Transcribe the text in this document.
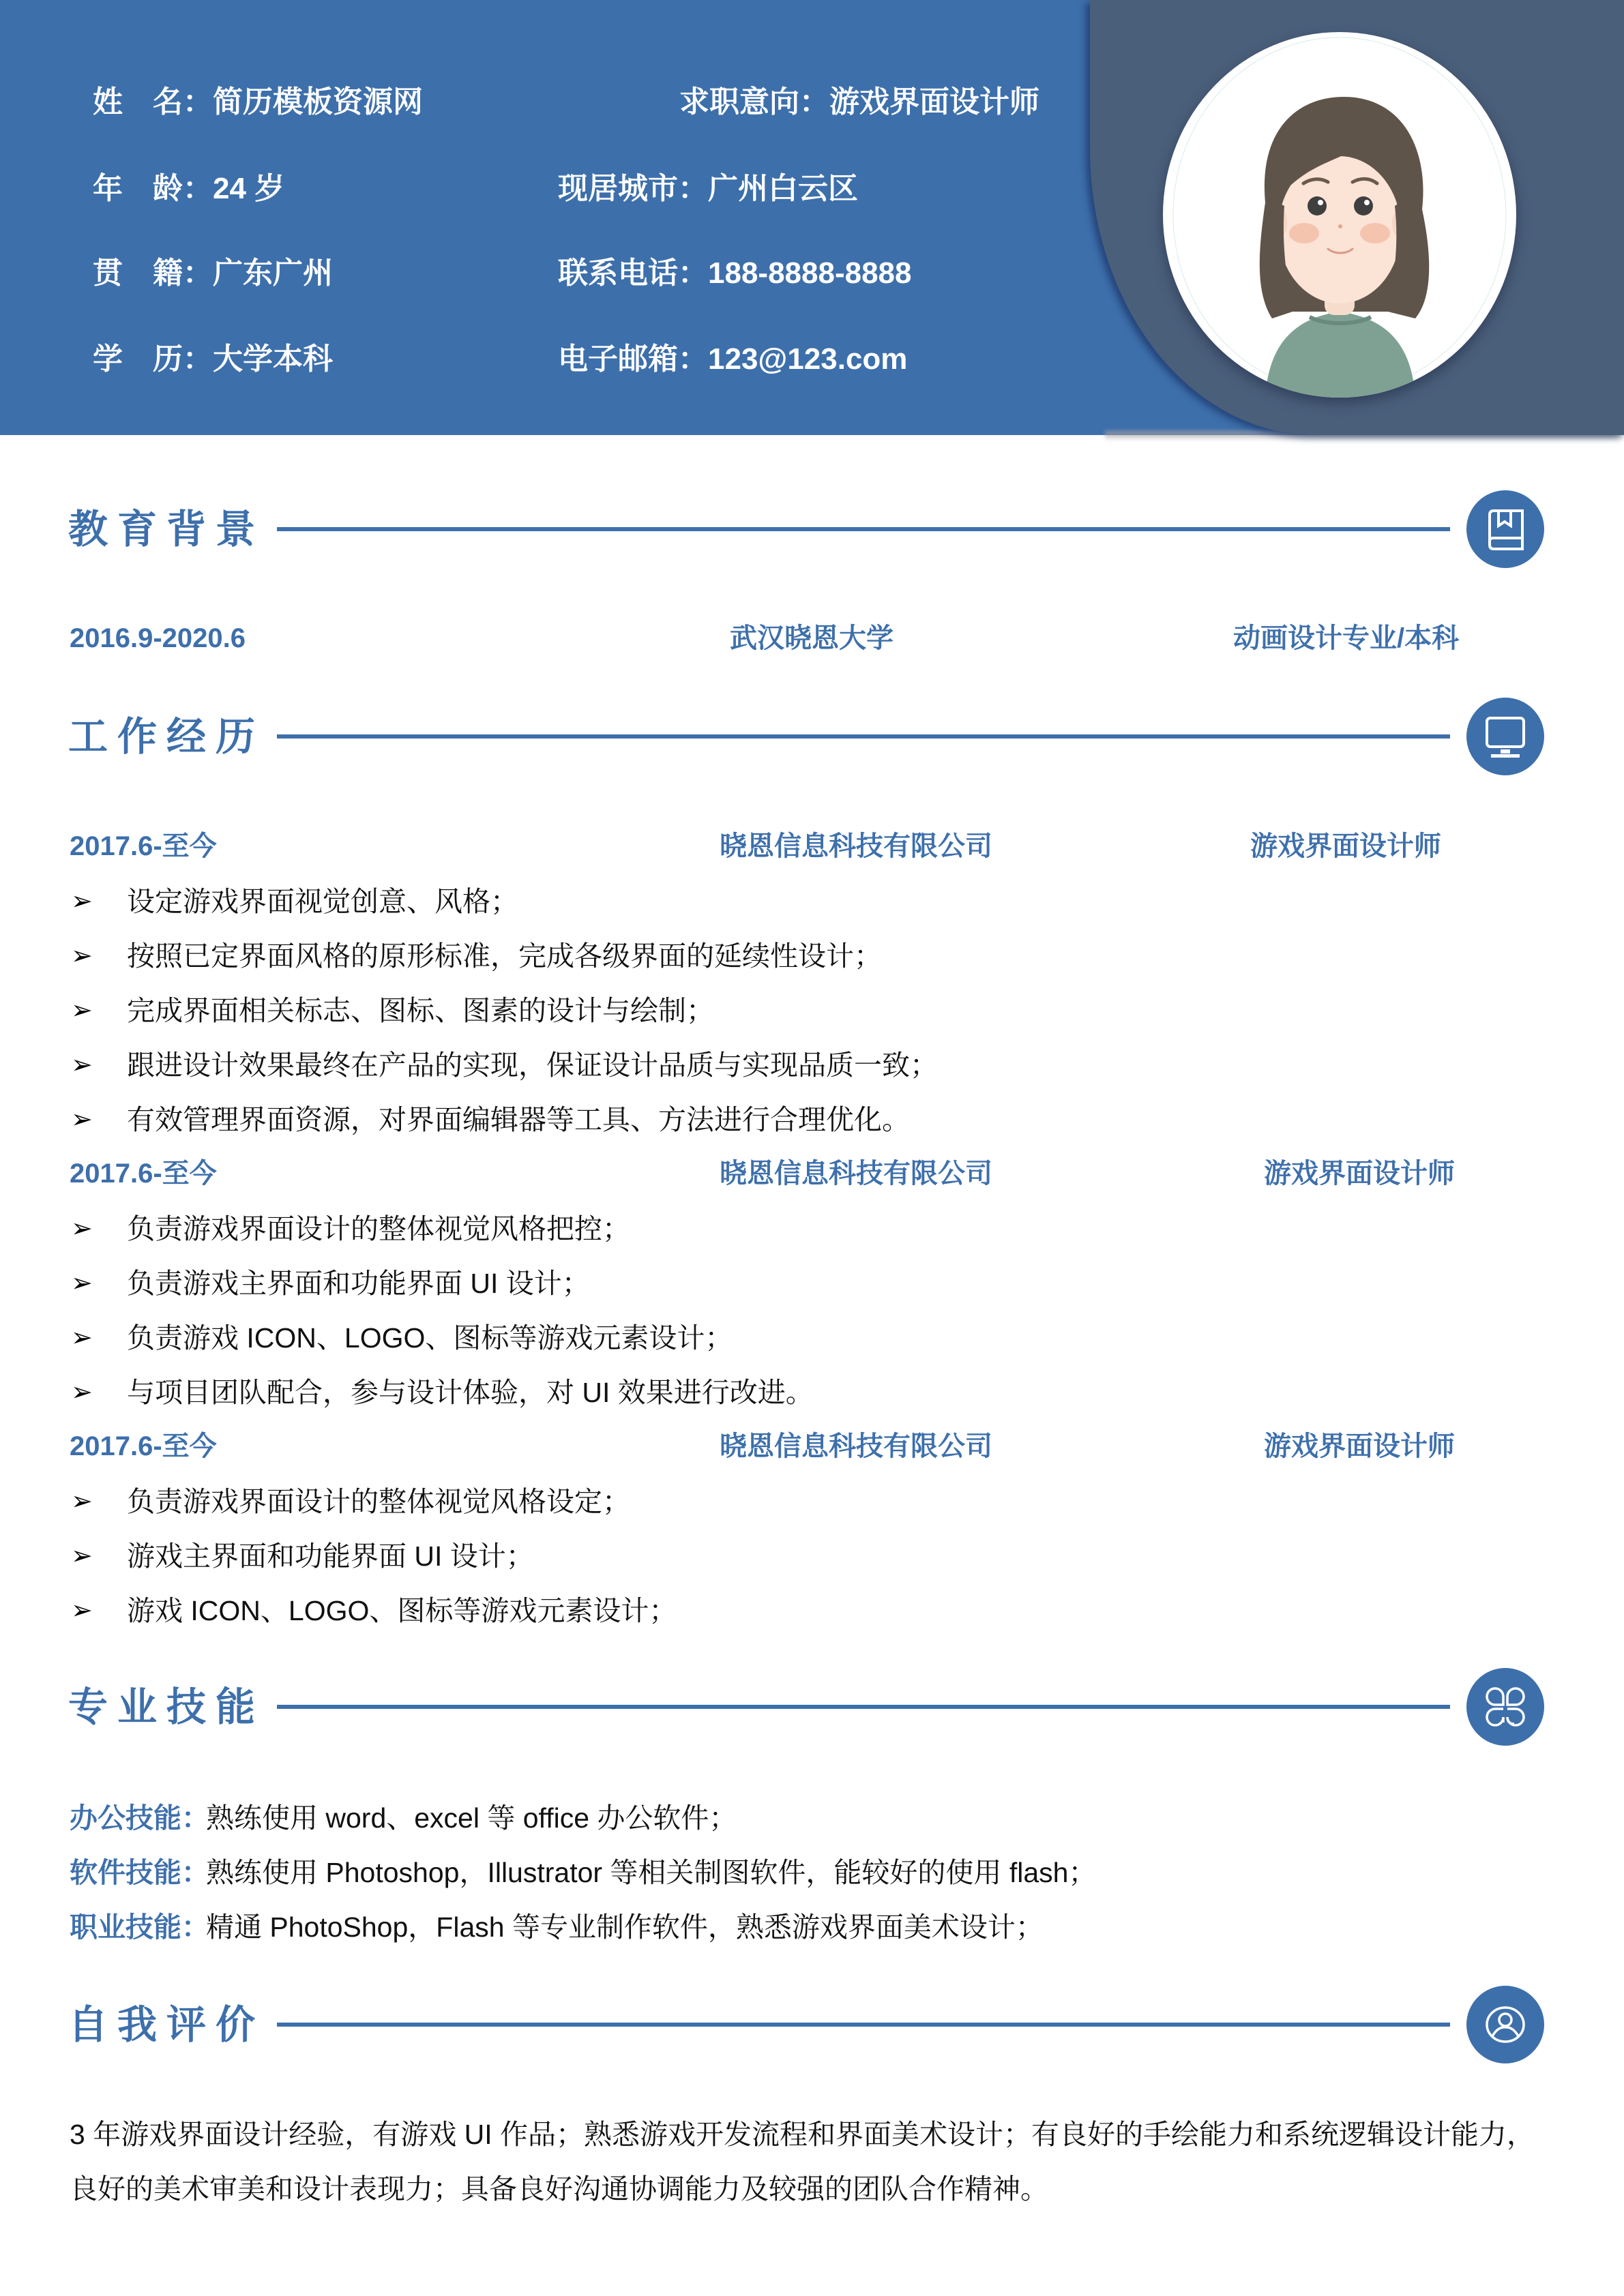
姓　名： 简历模板资源网
年　龄： 24 岁
贯　籍： 广东广州
学　历： 大学本科
求职意向： 游戏界面设计师
现居城市： 广州白云区
联系电话： 188-8888-8888
电子邮箱： 123@123.com
教育背景
2016.9-2020.6	武汉晓恩大学	动画设计专业/本科
工作经历
2017.6-至今	晓恩信息科技有限公司	游戏界面设计师
➢ 设定游戏界面视觉创意、风格；
➢ 按照已定界面风格的原形标准，完成各级界面的延续性设计；
➢ 完成界面相关标志、图标、图素的设计与绘制；
➢ 跟进设计效果最终在产品的实现，保证设计品质与实现品质一致；
➢ 有效管理界面资源，对界面编辑器等工具、方法进行合理优化。
2017.6-至今	晓恩信息科技有限公司	游戏界面设计师
➢ 负责游戏界面设计的整体视觉风格把控；
➢ 负责游戏主界面和功能界面 UI 设计；
➢ 负责游戏 ICON、LOGO、图标等游戏元素设计；
➢ 与项目团队配合，参与设计体验，对 UI 效果进行改进。
2017.6-至今	晓恩信息科技有限公司	游戏界面设计师
➢ 负责游戏界面设计的整体视觉风格设定；
➢ 游戏主界面和功能界面 UI 设计；
➢ 游戏 ICON、LOGO、图标等游戏元素设计；
专业技能
办公技能：
熟练使用 word、excel 等 office 办公软件；
软件技能：
熟练使用 Photoshop，Illustrator 等相关制图软件，能较好的使用 flash；
职业技能：
精通 PhotoShop，Flash 等专业制作软件，熟悉游戏界面美术设计；
自我评价

3 年游戏界面设计经验，有游戏 UI 作品；熟悉游戏开发流程和界面美术设计；有良好的手绘能力和系统逻辑设计能力，良好的美术审美和设计表现力；具备良好沟通协调能力及较强的团队合作精神。
